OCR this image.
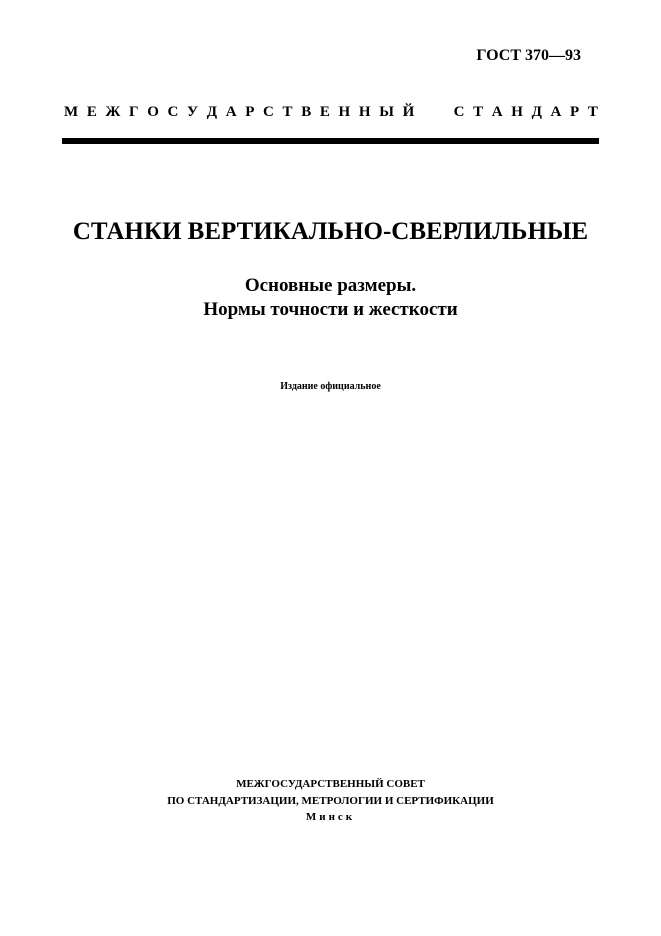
ГОСТ 370—93
М Е Ж Г О С У Д А Р С Т В Е Н Н Ы Й	С Т А Н Д А Р Т
СТАНКИ ВЕРТИКАЛЬНО-СВЕРЛИЛЬНЫЕ
Основные размеры.
Нормы точности и жесткости
Издание официальное
МЕЖГОСУДАРСТВЕННЫЙ СОВЕТ
ПО СТАНДАРТИЗАЦИИ, МЕТРОЛОГИИ И СЕРТИФИКАЦИИ
Минск
